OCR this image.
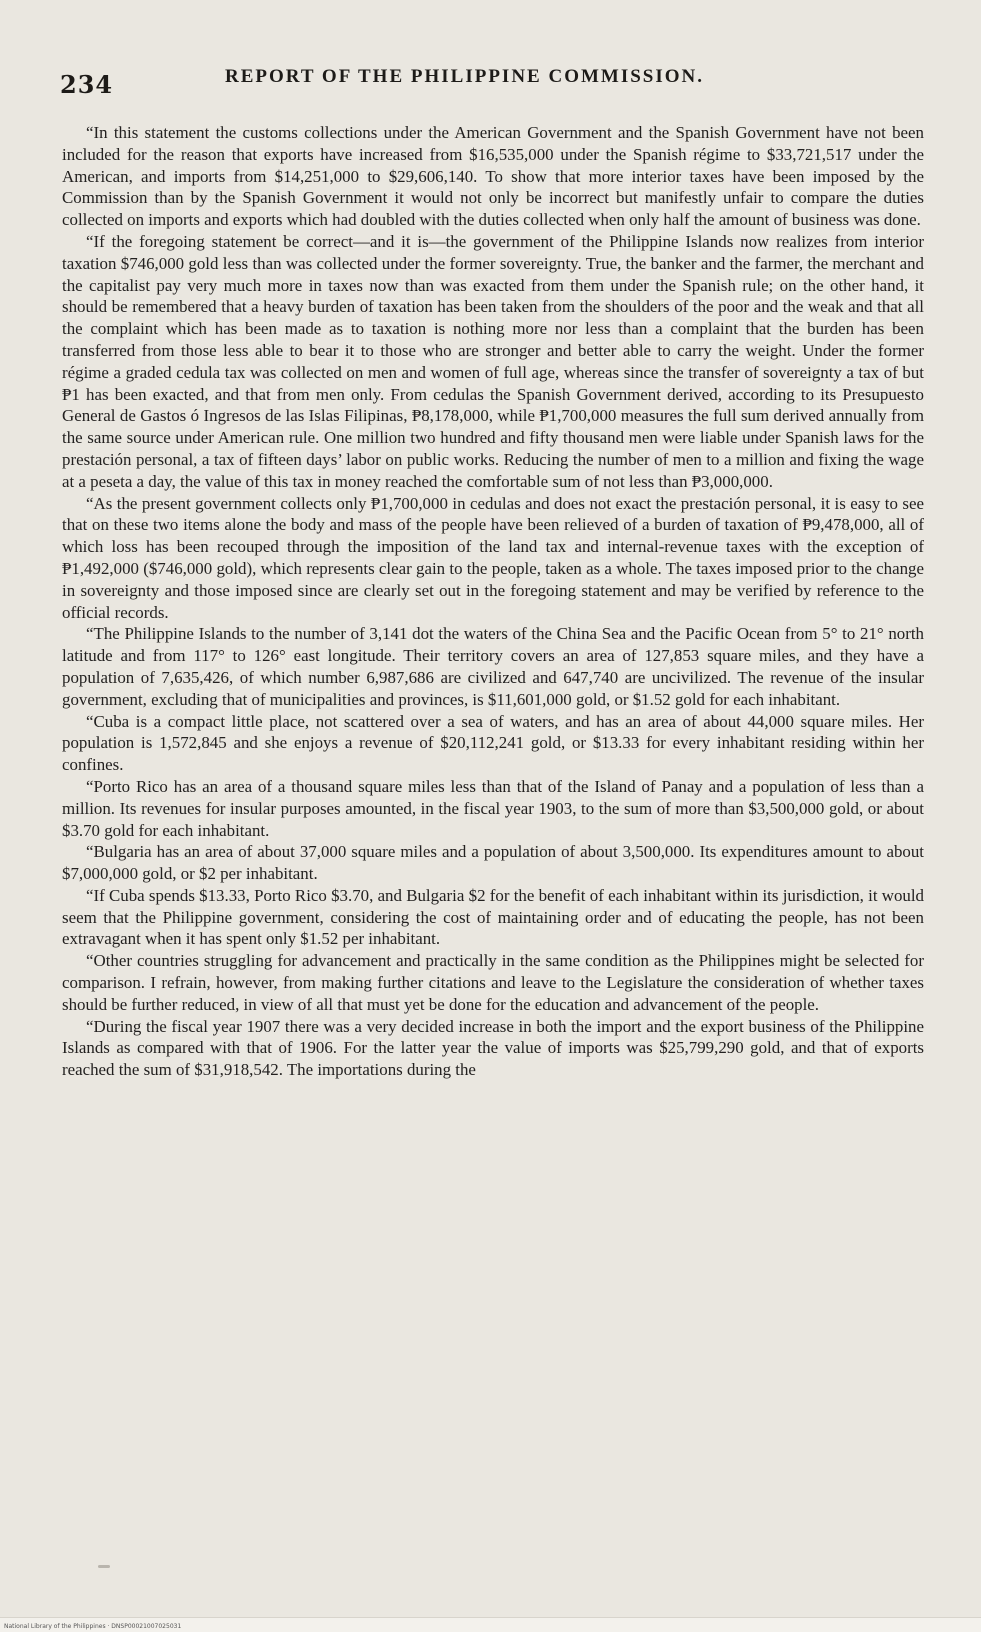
234	REPORT OF THE PHILIPPINE COMMISSION.

“In this statement the customs collections under the American Government and the Spanish Government have not been included for the reason that exports have increased from $16,535,000 under the Spanish régime to $33,721,517 under the American, and imports from $14,251,000 to $29,606,140. To show that more interior taxes have been imposed by the Commission than by the Spanish Government it would not only be incorrect but manifestly unfair to compare the duties collected on imports and exports which had doubled with the duties collected when only half the amount of business was done.

“If the foregoing statement be correct—and it is—the government of the Philippine Islands now realizes from interior taxation $746,000 gold less than was collected under the former sovereignty. True, the banker and the farmer, the merchant and the capitalist pay very much more in taxes now than was exacted from them under the Spanish rule; on the other hand, it should be remembered that a heavy burden of taxation has been taken from the shoulders of the poor and the weak and that all the complaint which has been made as to taxation is nothing more nor less than a complaint that the burden has been transferred from those less able to bear it to those who are stronger and better able to carry the weight. Under the former régime a graded cedula tax was collected on men and women of full age, whereas since the transfer of sovereignty a tax of but ₱1 has been exacted, and that from men only. From cedulas the Spanish Government derived, according to its Presupuesto General de Gastos ó Ingresos de las Islas Filipinas, ₱8,178,000, while ₱1,700,000 measures the full sum derived annually from the same source under American rule. One million two hundred and fifty thousand men were liable under Spanish laws for the prestación personal, a tax of fifteen days’ labor on public works. Reducing the number of men to a million and fixing the wage at a peseta a day, the value of this tax in money reached the comfortable sum of not less than ₱3,000,000.

“As the present government collects only ₱1,700,000 in cedulas and does not exact the prestación personal, it is easy to see that on these two items alone the body and mass of the people have been relieved of a burden of taxation of ₱9,478,000, all of which loss has been recouped through the imposition of the land tax and internal-revenue taxes with the exception of ₱1,492,000 ($746,000 gold), which represents clear gain to the people, taken as a whole. The taxes imposed prior to the change in sovereignty and those imposed since are clearly set out in the foregoing statement and may be verified by reference to the official records.

“The Philippine Islands to the number of 3,141 dot the waters of the China Sea and the Pacific Ocean from 5° to 21° north latitude and from 117° to 126° east longitude. Their territory covers an area of 127,853 square miles, and they have a population of 7,635,426, of which number 6,987,686 are civilized and 647,740 are uncivilized. The revenue of the insular government, excluding that of municipalities and provinces, is $11,601,000 gold, or $1.52 gold for each inhabitant.

“Cuba is a compact little place, not scattered over a sea of waters, and has an area of about 44,000 square miles. Her population is 1,572,845 and she enjoys a revenue of $20,112,241 gold, or $13.33 for every inhabitant residing within her confines.

“Porto Rico has an area of a thousand square miles less than that of the Island of Panay and a population of less than a million. Its revenues for insular purposes amounted, in the fiscal year 1903, to the sum of more than $3,500,000 gold, or about $3.70 gold for each inhabitant.

“Bulgaria has an area of about 37,000 square miles and a population of about 3,500,000. Its expenditures amount to about $7,000,000 gold, or $2 per inhabitant.

“If Cuba spends $13.33, Porto Rico $3.70, and Bulgaria $2 for the benefit of each inhabitant within its jurisdiction, it would seem that the Philippine government, considering the cost of maintaining order and of educating the people, has not been extravagant when it has spent only $1.52 per inhabitant.

“Other countries struggling for advancement and practically in the same condition as the Philippines might be selected for comparison. I refrain, however, from making further citations and leave to the Legislature the consideration of whether taxes should be further reduced, in view of all that must yet be done for the education and advancement of the people.

“During the fiscal year 1907 there was a very decided increase in both the import and the export business of the Philippine Islands as compared with that of 1906. For the latter year the value of imports was $25,799,290 gold, and that of exports reached the sum of $31,918,542. The importations during the

National Library of the Philippines · DNSP00021007025031
